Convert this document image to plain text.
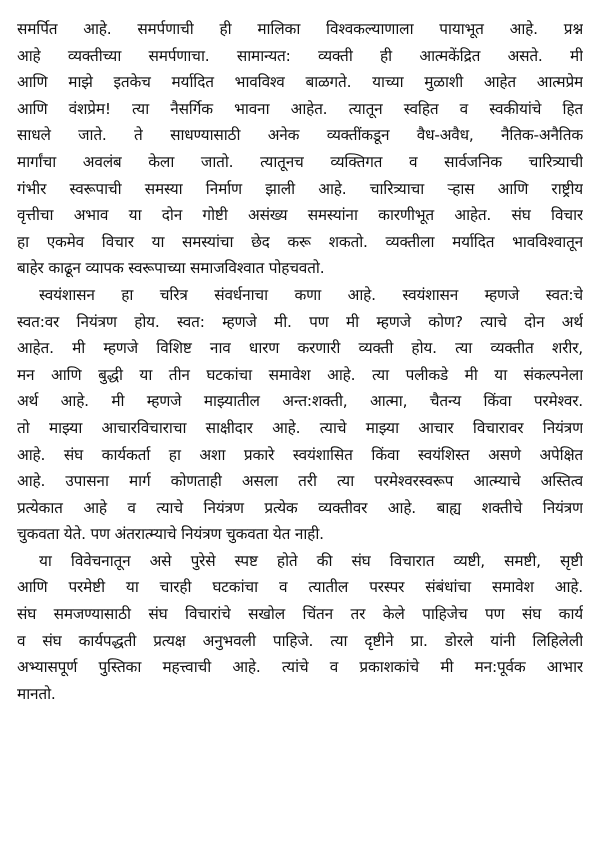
समर्पित आहे. समर्पणाची ही मालिका विश्वकल्याणाला पायाभूत आहे. प्रश्न
आहे व्यक्तीच्या समर्पणाचा. सामान्यत: व्यक्ती ही आत्मकेंद्रित असते. मी
आणि माझे इतकेच मर्यादित भावविश्व बाळगते. याच्या मुळाशी आहेत आत्मप्रेम
आणि वंशप्रेम! त्या नैसर्गिक भावना आहेत. त्यातून स्वहित व स्वकीयांचे हित
साधले जाते. ते साधण्यासाठी अनेक व्यक्तींकडून वैध-अवैध, नैतिक-अनैतिक
मार्गांचा अवलंब केला जातो. त्यातूनच व्यक्तिगत व सार्वजनिक चारित्र्याची
गंभीर स्वरूपाची समस्या निर्माण झाली आहे. चारित्र्याचा ऱ्हास आणि राष्ट्रीय
वृत्तीचा अभाव या दोन गोष्टी असंख्य समस्यांना कारणीभूत आहेत. संघ विचार
हा एकमेव विचार या समस्यांचा छेद करू शकतो. व्यक्तीला मर्यादित भावविश्वातून
बाहेर काढून व्यापक स्वरूपाच्या समाजविश्वात पोहचवतो.
स्वयंशासन हा चरित्र संवर्धनाचा कणा आहे. स्वयंशासन म्हणजे स्वत:चे
स्वत:वर नियंत्रण होय. स्वत: म्हणजे मी. पण मी म्हणजे कोण? त्याचे दोन अर्थ
आहेत. मी म्हणजे विशिष्ट नाव धारण करणारी व्यक्ती होय. त्या व्यक्तीत शरीर,
मन आणि बुद्धी या तीन घटकांचा समावेश आहे. त्या पलीकडे मी या संकल्पनेला
अर्थ आहे. मी म्हणजे माझ्यातील अन्त:शक्ती, आत्मा, चैतन्य किंवा परमेश्वर.
तो माझ्या आचारविचाराचा साक्षीदार आहे. त्याचे माझ्या आचार विचारावर नियंत्रण
आहे. संघ कार्यकर्ता हा अशा प्रकारे स्वयंशासित किंवा स्वयंशिस्त असणे अपेक्षित
आहे. उपासना मार्ग कोणताही असला तरी त्या परमेश्वरस्वरूप आत्म्याचे अस्तित्व
प्रत्येकात आहे व त्याचे नियंत्रण प्रत्येक व्यक्तीवर आहे. बाह्य शक्तीचे नियंत्रण
चुकवता येते. पण अंतरात्म्याचे नियंत्रण चुकवता येत नाही.
या विवेचनातून असे पुरेसे स्पष्ट होते की संघ विचारात व्यष्टी, समष्टी, सृष्टी
आणि परमेष्टी या चारही घटकांचा व त्यातील परस्पर संबंधांचा समावेश आहे.
संघ समजण्यासाठी संघ विचारांचे सखोल चिंतन तर केले पाहिजेच पण संघ कार्य
व संघ कार्यपद्धती प्रत्यक्ष अनुभवली पाहिजे. त्या दृष्टीने प्रा. डोरले यांनी लिहिलेली
अभ्यासपूर्ण पुस्तिका महत्त्वाची आहे. त्यांचे व प्रकाशकांचे मी मन:पूर्वक आभार
मानतो.
